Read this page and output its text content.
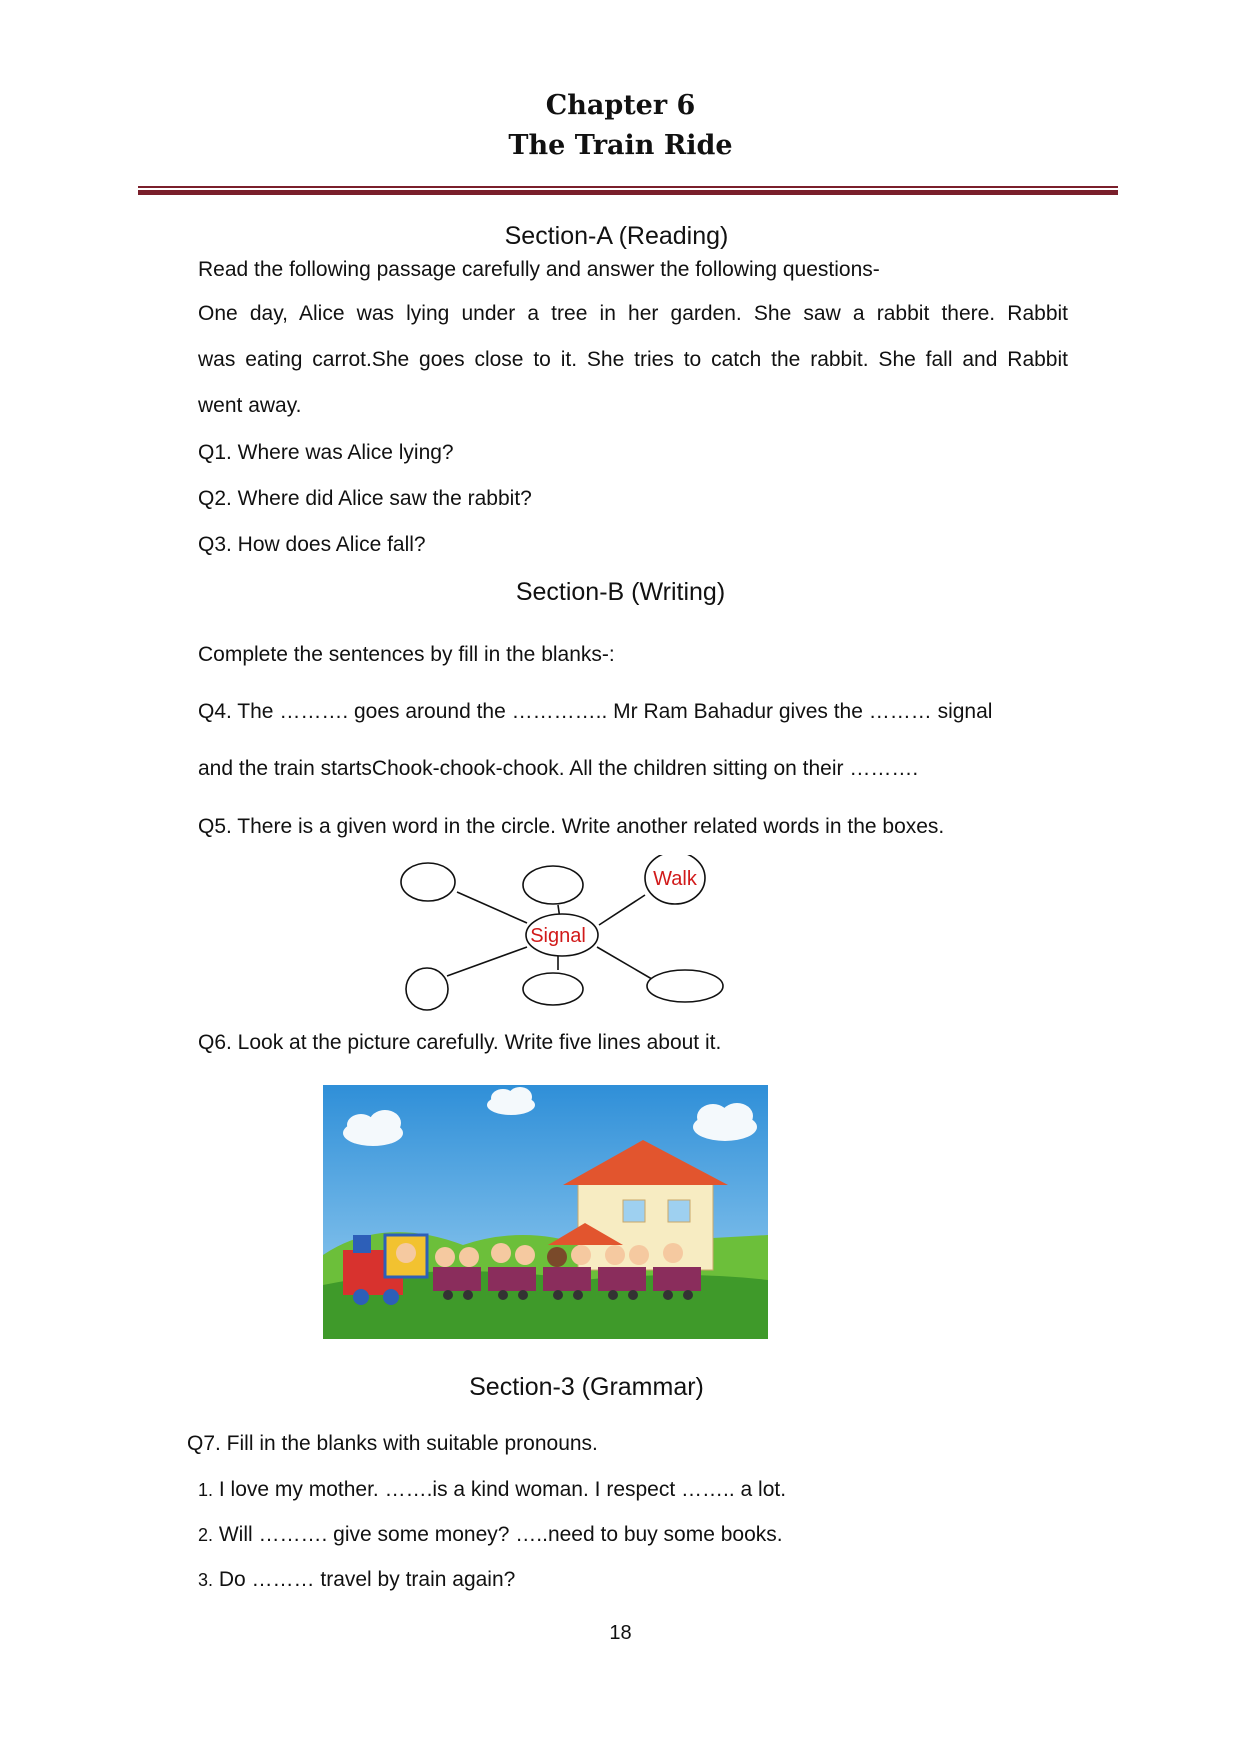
Chapter 6
The Train Ride
Section-A (Reading)
Read the following passage carefully and answer the following questions-
One day, Alice was lying under a tree in her garden. She saw a rabbit there. Rabbit
was eating carrot.She goes close to it. She tries to catch the rabbit. She fall and Rabbit
went away.
Q1. Where was Alice lying?
Q2. Where did Alice saw the rabbit?
Q3. How does Alice fall?
Section-B (Writing)
Complete the sentences by fill in the blanks-:
Q4. The ………. goes around the ………….. Mr Ram Bahadur gives the ……… signal
and the train startsChook-chook-chook. All the children sitting on their ……….
Q5. There is a given word in the circle. Write another related words in the boxes.
Walk
Signal
Q6. Look at the picture carefully. Write five lines about it.
Section-3 (Grammar)
Q7. Fill in the blanks with suitable pronouns.
1. I love my mother. …….is a kind woman. I respect …….. a lot.
2. Will ………. give some money? …..need to buy some books.
3. Do ……… travel by train again?
18
